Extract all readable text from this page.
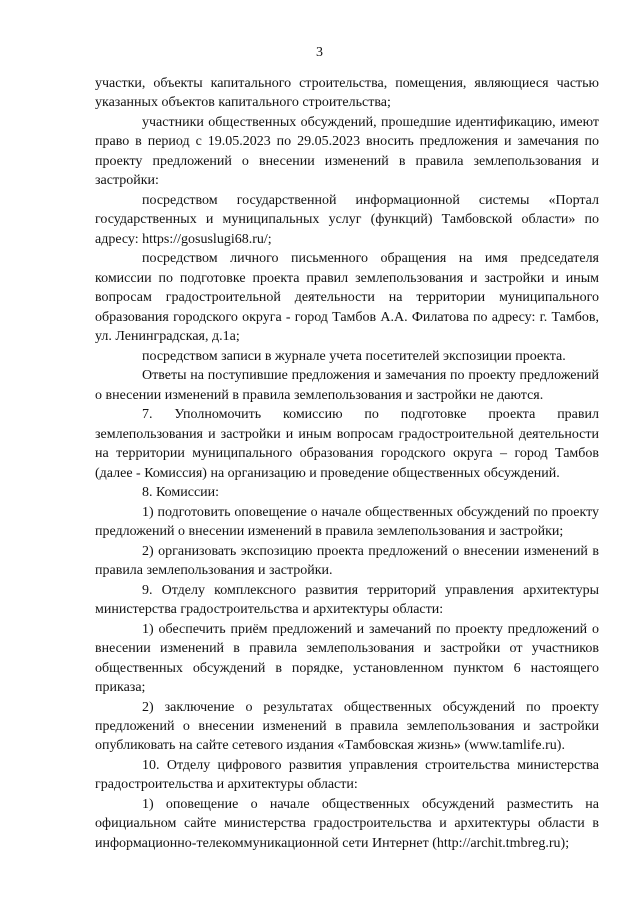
3

участки, объекты капитального строительства, помещения, являющиеся частью указанных объектов капитального строительства;

участники общественных обсуждений, прошедшие идентификацию, имеют право в период с 19.05.2023 по 29.05.2023 вносить предложения и замечания по проекту предложений о внесении изменений в правила землепользования и застройки:

посредством государственной информационной системы «Портал государственных и муниципальных услуг (функций) Тамбовской области» по адресу: https://gosuslugi68.ru/;

посредством личного письменного обращения на имя председателя комиссии по подготовке проекта правил землепользования и застройки и иным вопросам градостроительной деятельности на территории муниципального образования городского округа - город Тамбов А.А. Филатова по адресу: г. Тамбов, ул. Ленинградская, д.1а;

посредством записи в журнале учета посетителей экспозиции проекта.

Ответы на поступившие предложения и замечания по проекту предложений о внесении изменений в правила землепользования и застройки не даются.

7. Уполномочить комиссию по подготовке проекта правил землепользования и застройки и иным вопросам градостроительной деятельности на территории муниципального образования городского округа – город Тамбов (далее - Комиссия) на организацию и проведение общественных обсуждений.

8. Комиссии:

1) подготовить оповещение о начале общественных обсуждений по проекту предложений о внесении изменений в правила землепользования и застройки;

2) организовать экспозицию проекта предложений о внесении изменений в правила землепользования и застройки.

9. Отделу комплексного развития территорий управления архитектуры министерства градостроительства и архитектуры области:

1) обеспечить приём предложений и замечаний по проекту предложений о внесении изменений в правила землепользования и застройки от участников общественных обсуждений в порядке, установленном пунктом 6 настоящего приказа;

2) заключение о результатах общественных обсуждений по проекту предложений о внесении изменений в правила землепользования и застройки опубликовать на сайте сетевого издания «Тамбовская жизнь» (www.tamlife.ru).

10. Отделу цифрового развития управления строительства министерства градостроительства и архитектуры области:

1) оповещение о начале общественных обсуждений разместить на официальном сайте министерства градостроительства и архитектуры области в информационно-телекоммуникационной сети Интернет (http://archit.tmbreg.ru);
